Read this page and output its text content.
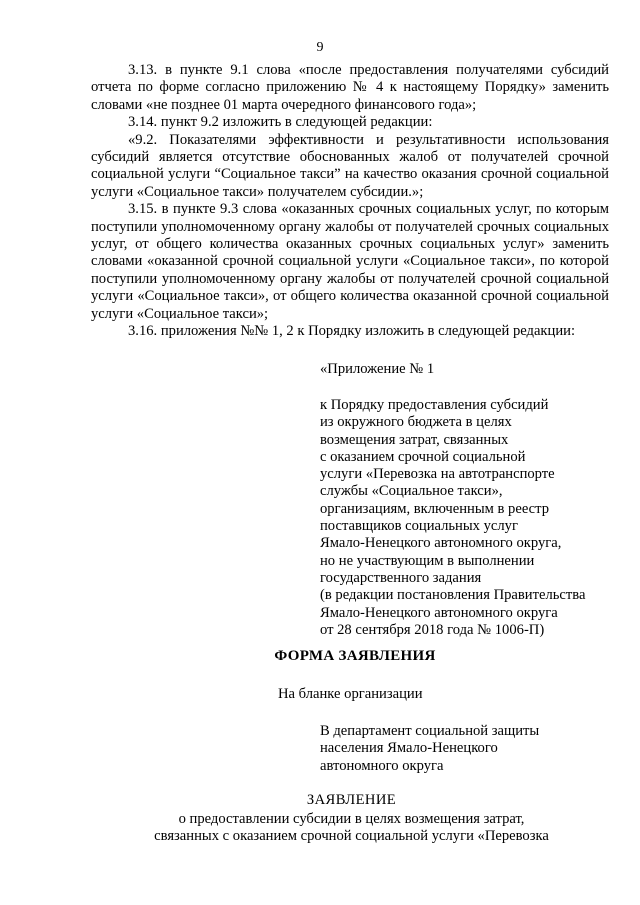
9

3.13. в пункте 9.1 слова «после предоставления получателями субсидий отчета по форме согласно приложению № 4 к настоящему Порядку» заменить словами «не позднее 01 марта очередного финансового года»;

3.14. пункт 9.2 изложить в следующей редакции:

«9.2. Показателями эффективности и результативности использования субсидий является отсутствие обоснованных жалоб от получателей срочной социальной услуги “Социальное такси” на качество оказания срочной социальной услуги «Социальное такси» получателем субсидии.»;

3.15. в пункте 9.3 слова «оказанных срочных социальных услуг, по которым поступили уполномоченному органу жалобы от получателей срочных социальных услуг, от общего количества оказанных срочных социальных услуг» заменить словами «оказанной срочной социальной услуги «Социальное такси», по которой поступили уполномоченному органу жалобы от получателей срочной социальной услуги «Социальное такси», от общего количества оказанной срочной социальной услуги «Социальное такси»;

3.16. приложения №№ 1, 2 к Порядку изложить в следующей редакции:

«Приложение № 1
к Порядку предоставления субсидий
из окружного бюджета в целях
возмещения затрат, связанных
с оказанием срочной социальной
услуги «Перевозка на автотранспорте
службы «Социальное такси»,
организациям, включенным в реестр
поставщиков социальных услуг
Ямало-Ненецкого автономного округа,
но не участвующим в выполнении
государственного задания
(в редакции постановления Правительства
Ямало-Ненецкого автономного округа
от 28 сентября 2018 года № 1006-П)
ФОРМА ЗАЯВЛЕНИЯ
На бланке организации
В департамент социальной защиты
населения Ямало-Ненецкого
автономного округа
ЗАЯВЛЕНИЕ
о предоставлении субсидии в целях возмещения затрат,
связанных с оказанием срочной социальной услуги «Перевозка
